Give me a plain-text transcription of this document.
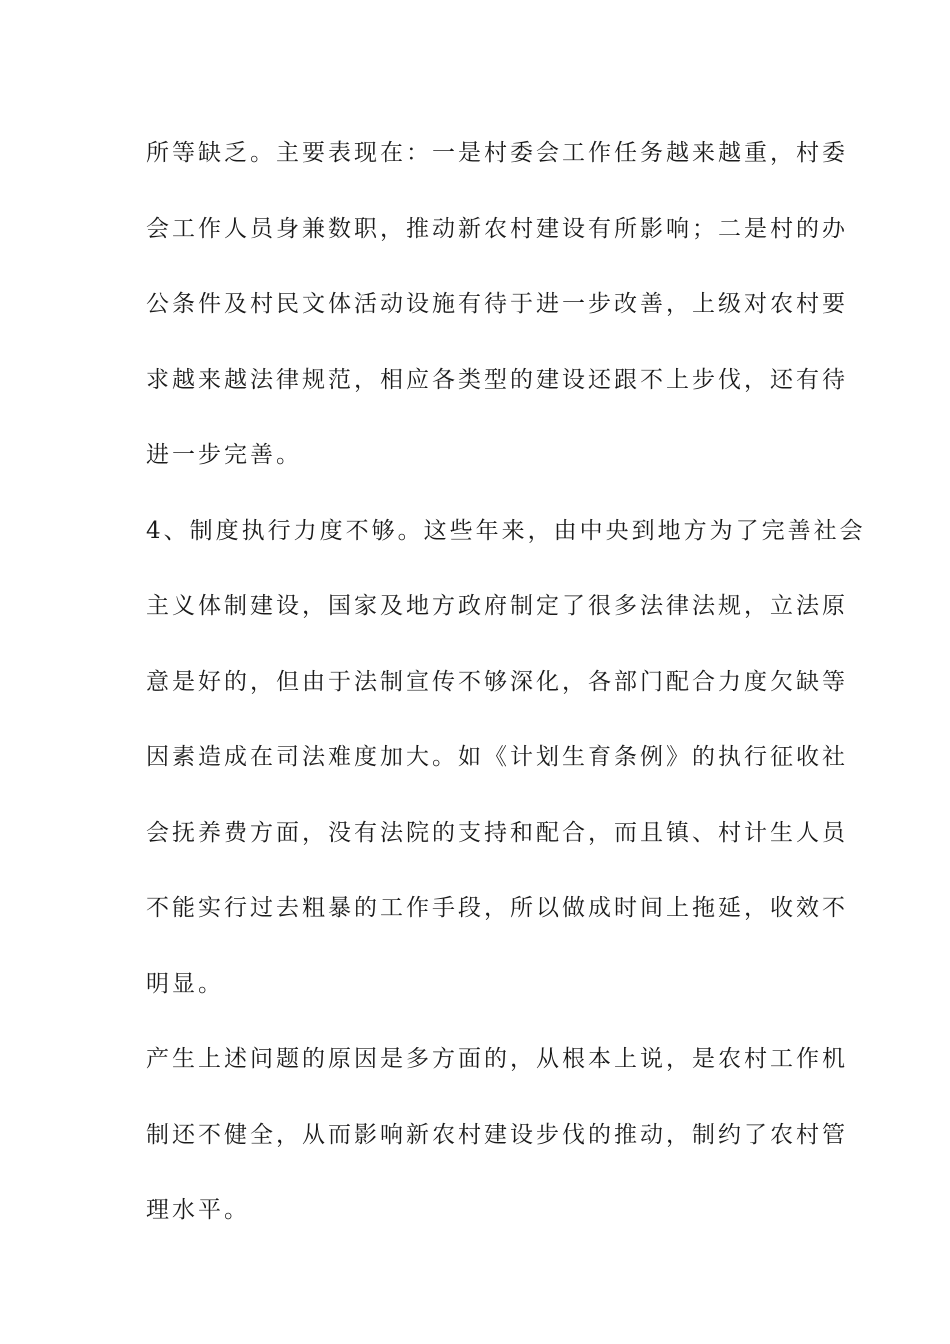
所等缺乏。主要表现在：一是村委会工作任务越来越重，村委
会工作人员身兼数职，推动新农村建设有所影响；二是村的办
公条件及村民文体活动设施有待于进一步改善，上级对农村要
求越来越法律规范，相应各类型的建设还跟不上步伐，还有待
进一步完善。
4、制度执行力度不够。这些年来，由中央到地方为了完善社会
主义体制建设，国家及地方政府制定了很多法律法规，立法原
意是好的，但由于法制宣传不够深化，各部门配合力度欠缺等
因素造成在司法难度加大。如《计划生育条例》的执行征收社
会抚养费方面，没有法院的支持和配合，而且镇、村计生人员
不能实行过去粗暴的工作手段，所以做成时间上拖延，收效不
明显。
产生上述问题的原因是多方面的，从根本上说，是农村工作机
制还不健全，从而影响新农村建设步伐的推动，制约了农村管
理水平。
